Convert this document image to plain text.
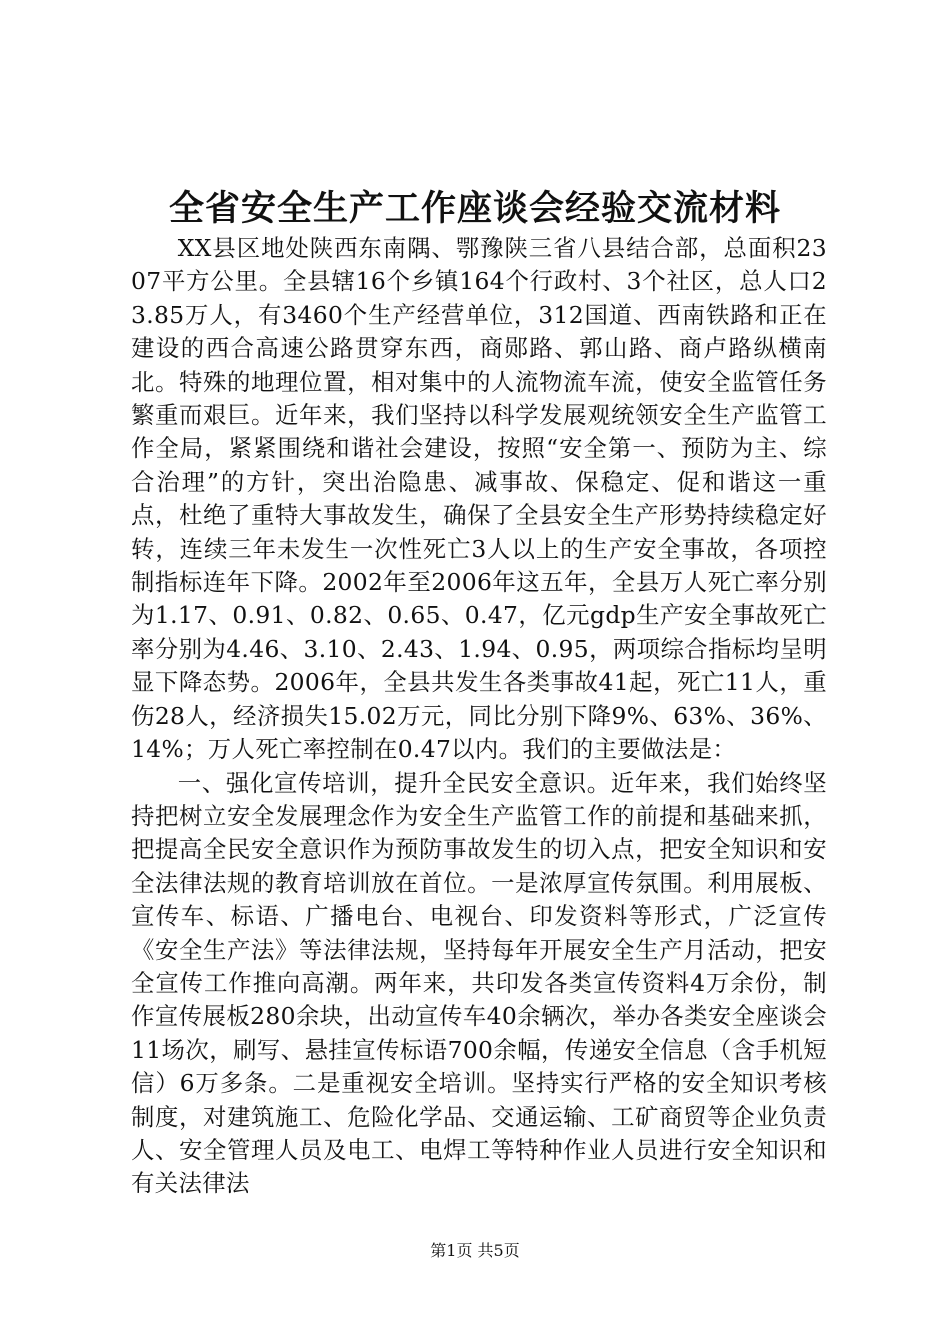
全省安全生产工作座谈会经验交流材料

XX县区地处陕西东南隅、鄂豫陕三省八县结合部，总面积2307平方公里。全县辖16个乡镇164个行政村、3个社区，总人口23.85万人，有3460个生产经营单位，312国道、西南铁路和正在建设的西合高速公路贯穿东西，商郧路、郭山路、商卢路纵横南北。特殊的地理位置，相对集中的人流物流车流，使安全监管任务繁重而艰巨。近年来，我们坚持以科学发展观统领安全生产监管工作全局，紧紧围绕和谐社会建设，按照“安全第一、预防为主、综合治理”的方针，突出治隐患、减事故、保稳定、促和谐这一重点，杜绝了重特大事故发生，确保了全县安全生产形势持续稳定好转，连续三年未发生一次性死亡3人以上的生产安全事故，各项控制指标连年下降。2002年至2006年这五年，全县万人死亡率分别为1.17、0.91、0.82、0.65、0.47，亿元gdp生产安全事故死亡率分别为4.46、3.10、2.43、1.94、0.95，两项综合指标均呈明显下降态势。2006年，全县共发生各类事故41起，死亡11人，重伤28人，经济损失15.02万元，同比分别下降9%、63%、36%、14%；万人死亡率控制在0.47以内。我们的主要做法是：

一、强化宣传培训，提升全民安全意识。近年来，我们始终坚持把树立安全发展理念作为安全生产监管工作的前提和基础来抓，把提高全民安全意识作为预防事故发生的切入点，把安全知识和安全法律法规的教育培训放在首位。一是浓厚宣传氛围。利用展板、宣传车、标语、广播电台、电视台、印发资料等形式，广泛宣传《安全生产法》等法律法规，坚持每年开展安全生产月活动，把安全宣传工作推向高潮。两年来，共印发各类宣传资料4万余份，制作宣传展板280余块，出动宣传车40余辆次，举办各类安全座谈会11场次，刷写、悬挂宣传标语700余幅，传递安全信息（含手机短信）6万多条。二是重视安全培训。坚持实行严格的安全知识考核制度，对建筑施工、危险化学品、交通运输、工矿商贸等企业负责人、安全管理人员及电工、电焊工等特种作业人员进行安全知识和有关法律法

第1页 共5页
